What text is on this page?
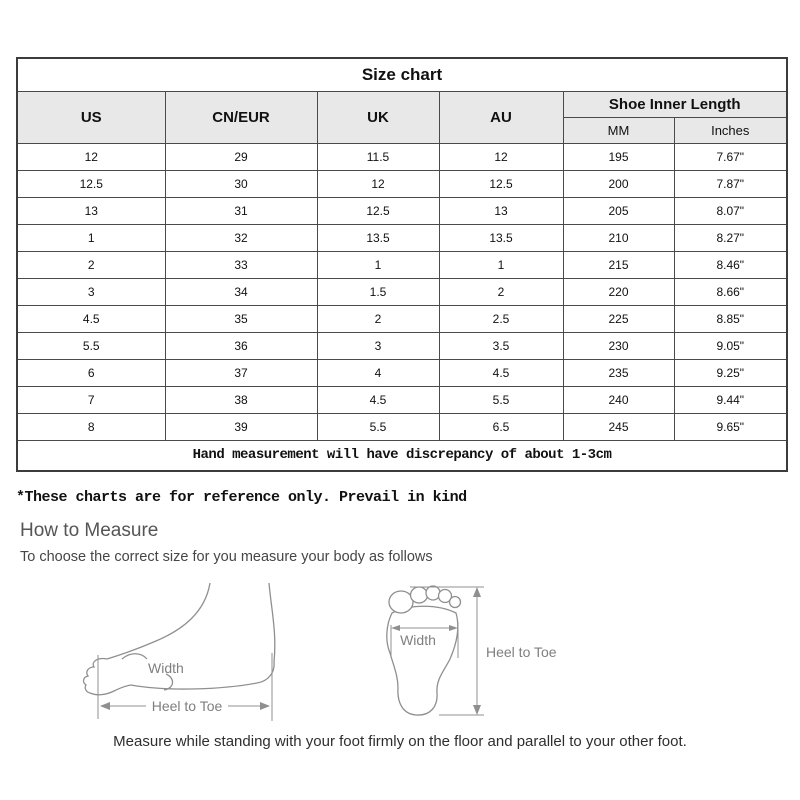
Size chart					
US	CN/EUR	UK	AU	Shoe Inner Length	
				MM	Inches
12	29	11.5	12	195	7.67"
12.5	30	12	12.5	200	7.87"
13	31	12.5	13	205	8.07"
1	32	13.5	13.5	210	8.27"
2	33	1	1	215	8.46"
3	34	1.5	2	220	8.66"
4.5	35	2	2.5	225	8.85"
5.5	36	3	3.5	230	9.05"
6	37	4	4.5	235	9.25"
7	38	4.5	5.5	240	9.44"
8	39	5.5	6.5	245	9.65"
Hand measurement will have discrepancy of about 1-3cm					
*These charts are for reference only. Prevail in kind
How to Measure
To choose the correct size for you measure your body as follows
Heel to Toe
Width
Width
Heel to Toe
Measure while standing with your foot firmly on the floor and parallel to your other foot.
